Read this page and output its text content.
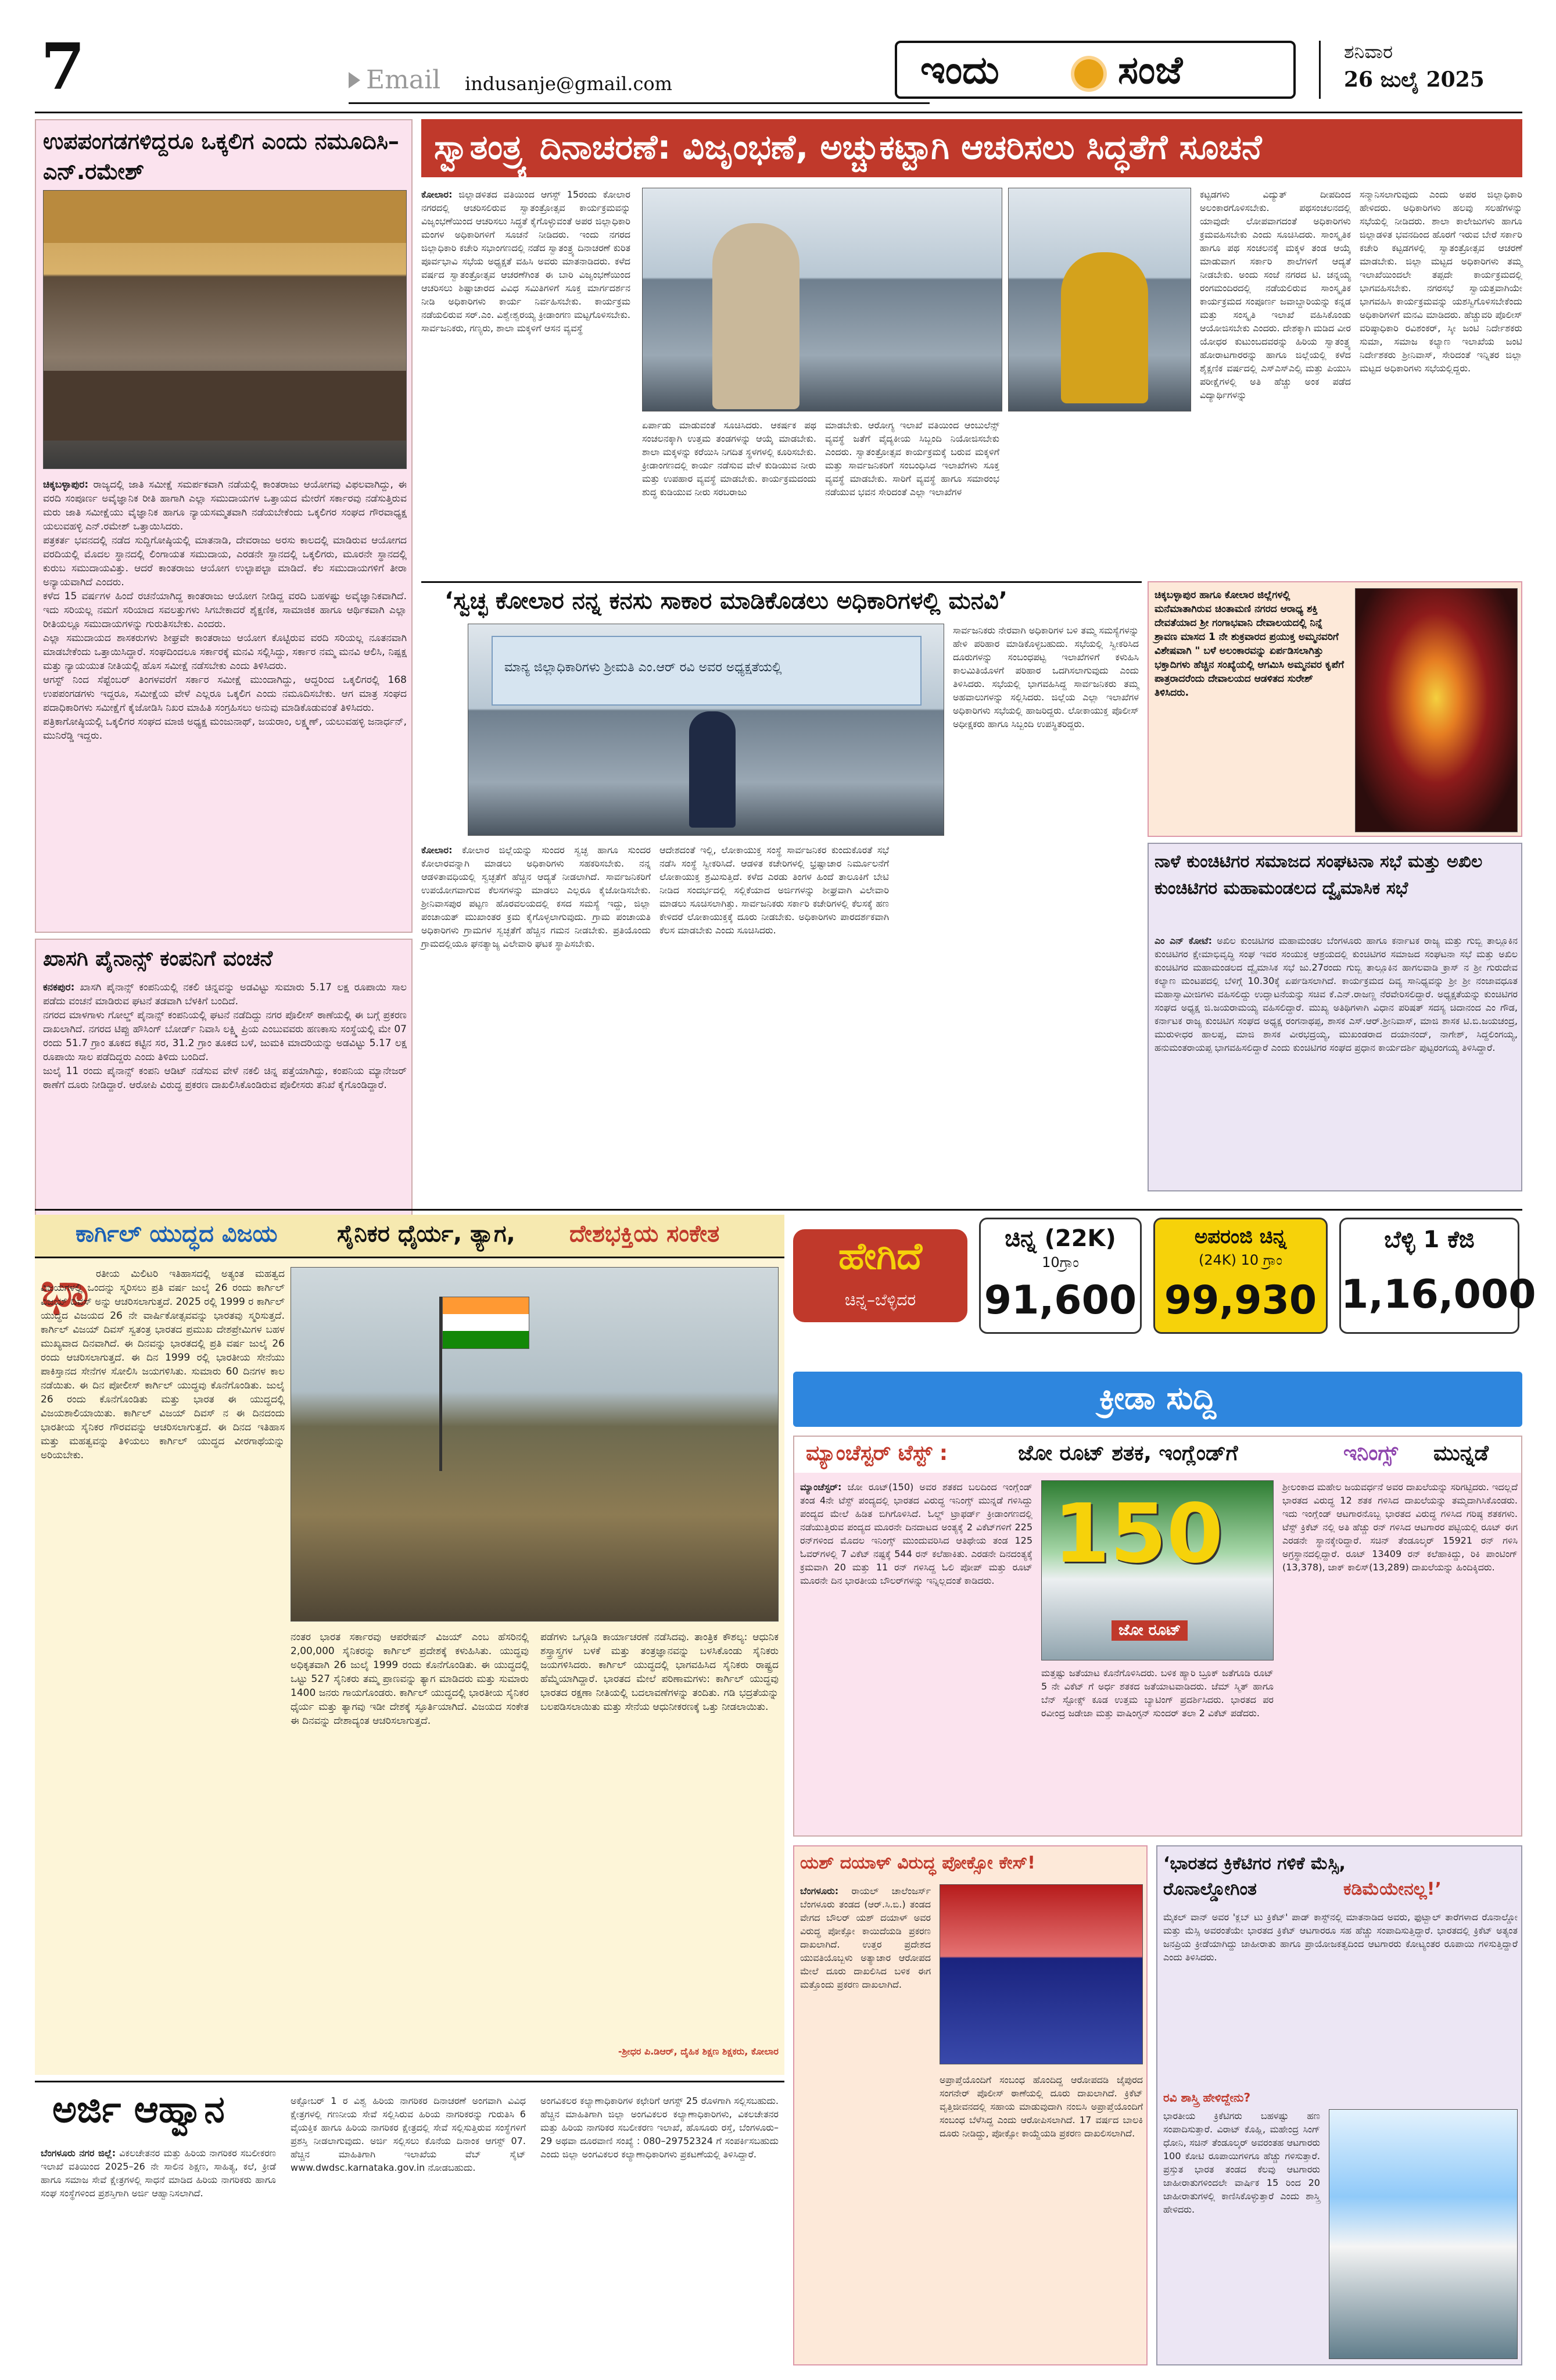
7	Email indusanje@gmail.com	ಇಂದು	ಸಂಜೆ	ಶನಿವಾರ
26 ಜುಲೈ 2025
ಉಪಪಂಗಡಗಳಿದ್ದರೂ ಒಕ್ಕಲಿಗ ಎಂದು ನಮೂದಿಸಿ– ಎನ್.ರಮೇಶ್
ಚಿಕ್ಕಬಳ್ಳಾಪುರ: ರಾಜ್ಯದಲ್ಲಿ ಜಾತಿ ಸಮೀಕ್ಷೆ ಸಮರ್ಪಕವಾಗಿ ನಡೆಯಲ್ಲಿ ಕಾಂತರಾಜು ಆಯೋಗವು ವಿಫಲವಾಗಿದ್ದು, ಈ ವರದಿ ಸಂಪೂರ್ಣ ಅವೈಜ್ಞಾನಿಕ ರೀತಿ ಹಾಗಾಗಿ ಎಲ್ಲಾ ಸಮುದಾಯಗಳ ಒತ್ತಾಯದ ಮೇರೆಗೆ ಸರ್ಕಾರವು ನಡೆಸುತ್ತಿರುವ ಮರು ಜಾತಿ ಸಮೀಕ್ಷೆಯು ವೈಜ್ಞಾನಿಕ ಹಾಗೂ ನ್ಯಾಯಸಮ್ಮತವಾಗಿ ನಡೆಯಬೇಕೆಂದು ಒಕ್ಕಲಿಗರ ಸಂಘದ ಗೌರವಾಧ್ಯಕ್ಷ ಯಲುವಹಳ್ಳಿ ಎನ್.ರಮೇಶ್ ಒತ್ತಾಯಿಸಿದರು.
ಪತ್ರಕರ್ತ ಭವನದಲ್ಲಿ ನಡೆದ ಸುದ್ದಿಗೋಷ್ಠಿಯಲ್ಲಿ ಮಾತನಾಡಿ, ದೇವರಾಜು ಅರಸು ಕಾಲದಲ್ಲಿ ಮಾಡಿರುವ ಆಯೋಗದ ವರದಿಯಲ್ಲಿ ಮೊದಲ ಸ್ಥಾನದಲ್ಲಿ ಲಿಂಗಾಯತ ಸಮುದಾಯ, ಎರಡನೇ ಸ್ಥಾನದಲ್ಲಿ ಒಕ್ಕಲಿಗರು, ಮೂರನೇ ಸ್ಥಾನದಲ್ಲಿ ಕುರುಬ ಸಮುದಾಯವಿತ್ತು. ಆದರೆ ಕಾಂತರಾಜು ಆಯೋಗ ಉಲ್ಟಾಪಲ್ಟಾ ಮಾಡಿದೆ. ಕೆಲ ಸಮುದಾಯಗಳಿಗೆ ತೀರಾ ಅನ್ಯಾಯವಾಗಿದೆ ಎಂದರು.
ಕಳೆದ 15 ವರ್ಷಗಳ ಹಿಂದೆ ರಚನೆಯಾಗಿದ್ದ ಕಾಂತರಾಜು ಆಯೋಗ ನೀಡಿದ್ದ ವರದಿ ಬಹಳಷ್ಟು ಅವೈಜ್ಞಾನಿಕವಾಗಿದೆ. ಇದು ಸರಿಯಲ್ಲ ನಮಗೆ ಸರಿಯಾದ ಸವಲತ್ತುಗಳು ಸಿಗಬೇಕಾದರೆ ಶೈಕ್ಷಣಿಕ, ಸಾಮಾಜಿಕ ಹಾಗೂ ಆರ್ಥಿಕವಾಗಿ ಎಲ್ಲಾ ರೀತಿಯಲ್ಲೂ ಸಮುದಾಯಗಳನ್ನು ಗುರುತಿಸಬೇಕು. ಎಂದರು.
ಎಲ್ಲಾ ಸಮುದಾಯದ ಶಾಸಕರುಗಳು ಶೀಘ್ರವೇ ಕಾಂತರಾಜು ಆಯೋಗ ಕೊಟ್ಟಿರುವ ವರದಿ ಸರಿಯಲ್ಲ ನೂತನವಾಗಿ ಮಾಡಬೇಕೆಂದು ಒತ್ತಾಯಿಸಿದ್ದಾರೆ. ಸಂಘದಿಂದಲೂ ಸರ್ಕಾರಕ್ಕೆ ಮನವಿ ಸಲ್ಲಿಸಿದ್ದು, ಸರ್ಕಾರ ನಮ್ಮ ಮನವಿ ಆಲಿಸಿ, ನಿಷ್ಪಕ್ಷ ಮತ್ತು ನ್ಯಾಯಯುತ ನೀತಿಯಲ್ಲಿ ಹೊಸ ಸಮೀಕ್ಷೆ ನಡೆಸಬೇಕು ಎಂದು ತಿಳಿಸಿದರು.
ಆಗಸ್ಟ್ ನಿಂದ ಸೆಪ್ಟೆಂಬರ್ ತಿಂಗಳವರೆಗೆ ಸರ್ಕಾರ ಸಮೀಕ್ಷೆ ಮುಂದಾಗಿದ್ದು, ಆದ್ದರಿಂದ ಒಕ್ಕಲಿಗರಲ್ಲಿ 168 ಉಪಪಂಗಡಗಳು ಇದ್ದರೂ, ಸಮೀಕ್ಷೆಯ ವೇಳೆ ಎಲ್ಲರೂ ಒಕ್ಕಲಿಗ ಎಂದು ನಮೂದಿಸಬೇಕು. ಆಗ ಮಾತ್ರ ಸಂಘದ ಪದಾಧಿಕಾರಿಗಳು ಸಮೀಕ್ಷೆಗೆ ಕೈಜೋಡಿಸಿ ನಿಖರ ಮಾಹಿತಿ ಸಂಗ್ರಹಿಸಲು ಅನುವು ಮಾಡಿಕೊಡುವಂತೆ ತಿಳಿಸಿದರು.
ಪತ್ರಿಕಾಗೋಷ್ಠಿಯಲ್ಲಿ ಒಕ್ಕಲಿಗರ ಸಂಘದ ಮಾಜಿ ಅಧ್ಯಕ್ಷ ಮಂಜುನಾಥ್, ಜಯರಾಂ, ಲಕ್ಷ್ಮಣ್, ಯಲುವಹಳ್ಳಿ ಜನಾರ್ಧನ್, ಮುನಿರೆಡ್ಡಿ ಇದ್ದರು.
ಖಾಸಗಿ ಪೈನಾನ್ಸ್ ಕಂಪನಿಗೆ ವಂಚನೆ
ಕನಕಪುರ: ಖಾಸಗಿ ಪೈನಾನ್ಸ್ ಕಂಪನಿಯಲ್ಲಿ ನಕಲಿ ಚಿನ್ನವನ್ನು ಅಡವಿಟ್ಟು ಸುಮಾರು 5.17 ಲಕ್ಷ ರೂಪಾಯಿ ಸಾಲ ಪಡೆದು ವಂಚನೆ ಮಾಡಿರುವ ಘಟನೆ ತಡವಾಗಿ ಬೆಳಕಿಗೆ ಬಂದಿದೆ.
ನಗರದ ಮಾಳಗಾಳು ಗೋಲ್ಡ್ ಪೈನಾನ್ಸ್ ಕಂಪನಿಯಲ್ಲಿ ಘಟನೆ ನಡೆದಿದ್ದು ನಗರ ಪೊಲೀಸ್ ಠಾಣೆಯಲ್ಲಿ ಈ ಬಗ್ಗೆ ಪ್ರಕರಣ ದಾಖಲಾಗಿದೆ. ನಗರದ ಟಿಪ್ಪು ಹೌಸಿಂಗ್ ಬೋರ್ಡ್ ನಿವಾಸಿ ಲಕ್ಷ್ಮಿ ಪ್ರಿಯ ಎಂಬುವವರು ಹಣಕಾಸು ಸಂಸ್ಥೆಯಲ್ಲಿ ಮೇ 07 ರಂದು 51.7 ಗ್ರಾಂ ತೂಕದ ಕಟ್ಟಿನ ಸರ, 31.2 ಗ್ರಾಂ ತೂಕದ ಬಳೆ, ಜುಮಕಿ ಮಾದರಿಯನ್ನು ಅಡವಿಟ್ಟು 5.17 ಲಕ್ಷ ರೂಪಾಯಿ ಸಾಲ ಪಡೆದಿದ್ದರು ಎಂದು ತಿಳಿದು ಬಂದಿದೆ.
ಜುಲೈ 11 ರಂದು ಪೈನಾನ್ಸ್ ಕಂಪನಿ ಆಡಿಟ್ ನಡೆಸುವ ವೇಳೆ ನಕಲಿ ಚಿನ್ನ ಪತ್ತೆಯಾಗಿದ್ದು, ಕಂಪನಿಯ ಮ್ಯಾನೇಜರ್ ಠಾಣೆಗೆ ದೂರು ನೀಡಿದ್ದಾರೆ. ಆರೋಪಿ ವಿರುದ್ಧ ಪ್ರಕರಣ ದಾಖಲಿಸಿಕೊಂಡಿರುವ ಪೊಲೀಸರು ತನಿಖೆ ಕೈಗೊಂಡಿದ್ದಾರೆ.
ಸ್ವಾತಂತ್ರ್ಯ ದಿನಾಚರಣೆ: ವಿಜೃಂಭಣೆ, ಅಚ್ಚುಕಟ್ಟಾಗಿ ಆಚರಿಸಲು ಸಿದ್ಧತೆಗೆ ಸೂಚನೆ
ಕೋಲಾರ: ಜಿಲ್ಲಾಡಳಿತದ ವತಿಯಿಂದ ಆಗಸ್ಟ್ 15ರಂದು ಕೋಲಾರ ನಗರದಲ್ಲಿ ಆಚರಿಸಲಿರುವ ಸ್ವಾತಂತ್ರೋತ್ಸವ ಕಾರ್ಯಕ್ರಮವನ್ನು ವಿಜೃಂಭಣೆಯಿಂದ ಆಚರಿಸಲು ಸಿದ್ಧತೆ ಕೈಗೊಳ್ಳುವಂತೆ ಅಪರ ಜಿಲ್ಲಾಧಿಕಾರಿ ಮಂಗಳ ಅಧಿಕಾರಿಗಳಿಗೆ ಸೂಚನೆ ನೀಡಿದರು. ಇಂದು ನಗರದ ಜಿಲ್ಲಾಧಿಕಾರಿ ಕಚೇರಿ ಸಭಾಂಗಣದಲ್ಲಿ ನಡೆದ ಸ್ವಾತಂತ್ರ್ಯ ದಿನಾಚರಣೆ ಕುರಿತ ಪೂರ್ವಭಾವಿ ಸಭೆಯ ಅಧ್ಯಕ್ಷತೆ ವಹಿಸಿ ಅವರು ಮಾತನಾಡಿದರು. ಕಳೆದ ವರ್ಷದ ಸ್ವಾತಂತ್ರೋತ್ಸವ ಆಚರಣೆಗಿಂತ ಈ ಬಾರಿ ವಿಜೃಂಭಣೆಯಿಂದ ಆಚರಿಸಲು ಶಿಷ್ಟಾಚಾರದ ವಿವಿಧ ಸಮಿತಿಗಳಿಗೆ ಸೂಕ್ತ ಮಾರ್ಗದರ್ಶನ ನೀಡಿ ಅಧಿಕಾರಿಗಳು ಕಾರ್ಯ ನಿರ್ವಹಿಸಬೇಕು. ಕಾರ್ಯಕ್ರಮ ನಡೆಯಲಿರುವ ಸರ್.ಎಂ. ವಿಶ್ವೇಶ್ವರಯ್ಯ ಕ್ರೀಡಾಂಗಣ ಮಟ್ಟಗೊಳಿಸಬೇಕು. ಸಾರ್ವಜನಿಕರು, ಗಣ್ಯರು, ಶಾಲಾ ಮಕ್ಕಳಿಗೆ ಆಸನ ವ್ಯವಸ್ಥೆ
ಏರ್ಪಾಡು ಮಾಡುವಂತೆ ಸೂಚಿಸಿದರು. ಆಕರ್ಷಕ ಪಥ ಸಂಚಲನಕ್ಕಾಗಿ ಉತ್ತಮ ತಂಡಗಳನ್ನು ಆಯ್ಕೆ ಮಾಡಬೇಕು. ಶಾಲಾ ಮಕ್ಕಳನ್ನು ಕರೆಯಿಸಿ ನಿಗದಿತ ಸ್ಥಳಗಳಲ್ಲಿ ಕೂರಿಸಬೇಕು. ಕ್ರೀಡಾಂಗಣದಲ್ಲಿ ಕಾರ್ಯ ನಡೆಸುವ ವೇಳೆ ಕುಡಿಯುವ ನೀರು ಮತ್ತು ಉಪಹಾರ ವ್ಯವಸ್ಥೆ ಮಾಡಬೇಕು. ಕಾರ್ಯಕ್ರಮದಂದು ಶುದ್ಧ ಕುಡಿಯುವ ನೀರು ಸರಬರಾಜು
ಮಾಡಬೇಕು. ಆರೋಗ್ಯ ಇಲಾಖೆ ವತಿಯಿಂದ ಆಂಬುಲೆನ್ಸ್ ವ್ಯವಸ್ಥೆ ಜತೆಗೆ ವೈದ್ಯಕೀಯ ಸಿಬ್ಬಂದಿ ನಿಯೋಜಿಸಬೇಕು ಎಂದರು. ಸ್ವಾತಂತ್ರೋತ್ಸವ ಕಾರ್ಯಕ್ರಮಕ್ಕೆ ಬರುವ ಮಕ್ಕಳಿಗೆ ಮತ್ತು ಸಾರ್ವಜನಿಕರಿಗೆ ಸಂಬಂಧಿಸಿದ ಇಲಾಖೆಗಳು ಸೂಕ್ತ ವ್ಯವಸ್ಥೆ ಮಾಡಬೇಕು. ಸಾರಿಗೆ ವ್ಯವಸ್ಥೆ ಹಾಗೂ ಸಮಾರಂಭ ನಡೆಯುವ ಭವನ ಸೇರಿದಂತೆ ಎಲ್ಲಾ ಇಲಾಖೆಗಳ
ಕಟ್ಟಡಗಳು ವಿದ್ಯುತ್ ದೀಪದಿಂದ ಅಲಂಕಾರಗೊಳಿಸಬೇಕು. ಪಥಸಂಚಲನದಲ್ಲಿ ಯಾವುದೇ ಲೋಪವಾಗದಂತೆ ಅಧಿಕಾರಿಗಳು ಕ್ರಮವಹಿಸಬೇಕು ಎಂದು ಸೂಚಿಸಿದರು. ಸಾಂಸ್ಕೃತಿಕ ಹಾಗೂ ಪಥ ಸಂಚಲನಕ್ಕೆ ಮಕ್ಕಳ ತಂಡ ಆಯ್ಕೆ ಮಾಡುವಾಗ ಸರ್ಕಾರಿ ಶಾಲೆಗಳಿಗೆ ಆದ್ಯತೆ ನೀಡಬೇಕು. ಅಂದು ಸಂಜೆ ನಗರದ ಟಿ. ಚನ್ನಯ್ಯ ರಂಗಮಂದಿರದಲ್ಲಿ ನಡೆಯಲಿರುವ ಸಾಂಸ್ಕೃತಿಕ ಕಾರ್ಯಕ್ರಮದ ಸಂಪೂರ್ಣ ಜವಾಬ್ದಾರಿಯನ್ನು ಕನ್ನಡ ಮತ್ತು ಸಂಸ್ಕೃತಿ ಇಲಾಖೆ ವಹಿಸಿಕೊಂಡು ಆಯೋಜಿಸಬೇಕು ಎಂದರು. ದೇಶಕ್ಕಾಗಿ ಮಡಿದ ವೀರ ಯೋಧರ ಕುಟುಂಬದವರನ್ನು ಹಿರಿಯ ಸ್ವಾತಂತ್ರ್ಯ ಹೋರಾಟಗಾರರನ್ನು ಹಾಗೂ ಜಿಲ್ಲೆಯಲ್ಲಿ ಕಳೆದ ಶೈಕ್ಷಣಿಕ ವರ್ಷದಲ್ಲಿ ಎಸ್ಎಸ್ಎಲ್ಸಿ ಮತ್ತು ಪಿಯುಸಿ ಪರೀಕ್ಷೆಗಳಲ್ಲಿ ಅತಿ ಹೆಚ್ಚು ಅಂಕ ಪಡೆದ ವಿದ್ಯಾರ್ಥಿಗಳನ್ನು
ಸನ್ಮಾನಿಸಲಾಗುವುದು ಎಂದು ಅಪರ ಜಿಲ್ಲಾಧಿಕಾರಿ ಹೇಳಿದರು. ಅಧಿಕಾರಿಗಳು ಹಲವು ಸಲಹೆಗಳನ್ನು ಸಭೆಯಲ್ಲಿ ನೀಡಿದರು. ಶಾಲಾ ಕಾಲೇಜುಗಳು ಹಾಗೂ ಜಿಲ್ಲಾಡಳಿತ ಭವನದಿಂದ ಹೊರಗೆ ಇರುವ ಬೇರೆ ಸರ್ಕಾರಿ ಕಚೇರಿ ಕಟ್ಟಡಗಳಲ್ಲಿ ಸ್ವಾತಂತ್ರೋತ್ಸವ ಆಚರಣೆ ಮಾಡಬೇಕು. ಜಿಲ್ಲಾ ಮಟ್ಟದ ಅಧಿಕಾರಿಗಳು ತಮ್ಮ ಇಲಾಖೆಯಿಂದಲೇ ತಪ್ಪದೇ ಕಾರ್ಯಕ್ರಮದಲ್ಲಿ ಭಾಗವಹಿಸಬೇಕು. ನಗರಸಭೆ ಸ್ವಾಯತ್ತವಾಗಿಯೇ ಭಾಗವಹಿಸಿ ಕಾರ್ಯಕ್ರಮವನ್ನು ಯಶಸ್ವಿಗೊಳಿಸಬೇಕೆಂದು ಅಧಿಕಾರಿಗಳಿಗೆ ಮನವಿ ಮಾಡಿದರು. ಹೆಚ್ಚುವರಿ ಪೊಲೀಸ್ ವರಿಷ್ಠಾಧಿಕಾರಿ ರವಿಶಂಕರ್, ಸ್ಕೀ ಜಂಟಿ ನಿರ್ದೇಶಕರು ಸುಮಾ, ಸಮಾಜ ಕಲ್ಯಾಣ ಇಲಾಖೆಯ ಜಂಟಿ ನಿರ್ದೇಶಕರು ಶ್ರೀನಿವಾಸ್, ಸೇರಿದಂತೆ ಇನ್ನಿತರ ಜಿಲ್ಲಾ ಮಟ್ಟದ ಅಧಿಕಾರಿಗಳು ಸಭೆಯಲ್ಲಿದ್ದರು.
‘ಸ್ವಚ್ಛ ಕೋಲಾರ ನನ್ನ ಕನಸು ಸಾಕಾರ ಮಾಡಿಕೊಡಲು ಅಧಿಕಾರಿಗಳಲ್ಲಿ ಮನವಿ’
ಮಾನ್ಯ ಜಿಲ್ಲಾಧಿಕಾರಿಗಳು ಶ್ರೀಮತಿ ಎಂ.ಆರ್ ರವಿ ಅವರ ಅಧ್ಯಕ್ಷತೆಯಲ್ಲಿ
ಕೋಲಾರ: ಕೋಲಾರ ಜಿಲ್ಲೆಯನ್ನು ಸುಂದರ ಸ್ವಚ್ಛ ಹಾಗೂ ಸುಂದರ ಕೋಲಾರವನ್ನಾಗಿ ಮಾಡಲು ಅಧಿಕಾರಿಗಳು ಸಹಕರಿಸಬೇಕು. ನನ್ನ ಆಡಳಿತಾವಧಿಯಲ್ಲಿ ಸ್ವಚ್ಛತೆಗೆ ಹೆಚ್ಚಿನ ಆದ್ಯತೆ ನೀಡಲಾಗಿದೆ. ಸಾರ್ವಜನಿಕರಿಗೆ ಉಪಯೋಗವಾಗುವ ಕೆಲಸಗಳನ್ನು ಮಾಡಲು ಎಲ್ಲರೂ ಕೈಜೋಡಿಸಬೇಕು. ಶ್ರೀನಿವಾಸಪುರ ಪಟ್ಟಣ ಹೊರವಲಯದಲ್ಲಿ ಕಸದ ಸಮಸ್ಯೆ ಇದ್ದು, ಜಿಲ್ಲಾ ಪಂಚಾಯತ್ ಮುಖಾಂತರ ಕ್ರಮ ಕೈಗೊಳ್ಳಲಾಗುವುದು. ಗ್ರಾಮ ಪಂಚಾಯತಿ ಅಧಿಕಾರಿಗಳು ಗ್ರಾಮಗಳ ಸ್ವಚ್ಛತೆಗೆ ಹೆಚ್ಚಿನ ಗಮನ ನೀಡಬೇಕು. ಪ್ರತಿಯೊಂದು ಗ್ರಾಮದಲ್ಲಿಯೂ ಘನತ್ಯಾಜ್ಯ ವಿಲೇವಾರಿ ಘಟಕ ಸ್ಥಾಪಿಸಬೇಕು.
ಆದೇಶದಂತೆ ಇಲ್ಲಿ, ಲೋಕಾಯುಕ್ತ ಸಂಸ್ಥೆ ಸಾರ್ವಜನಿಕರ ಕುಂದುಕೊರತೆ ಸಭೆ ನಡೆಸಿ ಸಂಸ್ಥೆ ಸ್ವೀಕರಿಸಿದೆ. ಆಡಳಿತ ಕಚೇರಿಗಳಲ್ಲಿ ಭ್ರಷ್ಟಾಚಾರ ನಿರ್ಮೂಲನೆಗೆ ಲೋಕಾಯುಕ್ತ ಶ್ರಮಿಸುತ್ತಿದೆ. ಕಳೆದ ಎರಡು ತಿಂಗಳ ಹಿಂದೆ ತಾಲೂಕಿಗೆ ಬೇಟಿ ನೀಡಿದ ಸಂದರ್ಭದಲ್ಲಿ ಸಲ್ಲಿಕೆಯಾದ ಅರ್ಜಿಗಳನ್ನು ಶೀಘ್ರವಾಗಿ ವಿಲೇವಾರಿ ಮಾಡಲು ಸೂಚಿಸಲಾಗಿತ್ತು. ಸಾರ್ವಜನಿಕರು ಸರ್ಕಾರಿ ಕಚೇರಿಗಳಲ್ಲಿ ಕೆಲಸಕ್ಕೆ ಹಣ ಕೇಳಿದರೆ ಲೋಕಾಯುಕ್ತಕ್ಕೆ ದೂರು ನೀಡಬೇಕು. ಅಧಿಕಾರಿಗಳು ಪಾರದರ್ಶಕವಾಗಿ ಕೆಲಸ ಮಾಡಬೇಕು ಎಂದು ಸೂಚಿಸಿದರು.
ಸಾರ್ವಜನಿಕರು ನೇರವಾಗಿ ಅಧಿಕಾರಿಗಳ ಬಳಿ ತಮ್ಮ ಸಮಸ್ಯೆಗಳನ್ನು ಹೇಳಿ ಪರಿಹಾರ ಮಾಡಿಕೊಳ್ಳಬಹುದು. ಸಭೆಯಲ್ಲಿ ಸ್ವೀಕರಿಸಿದ ದೂರುಗಳನ್ನು ಸಂಬಂಧಪಟ್ಟ ಇಲಾಖೆಗಳಿಗೆ ಕಳುಹಿಸಿ ಕಾಲಮಿತಿಯೊಳಗೆ ಪರಿಹಾರ ಒದಗಿಸಲಾಗುವುದು ಎಂದು ತಿಳಿಸಿದರು. ಸಭೆಯಲ್ಲಿ ಭಾಗವಹಿಸಿದ್ದ ಸಾರ್ವಜನಿಕರು ತಮ್ಮ ಅಹವಾಲುಗಳನ್ನು ಸಲ್ಲಿಸಿದರು. ಜಿಲ್ಲೆಯ ಎಲ್ಲಾ ಇಲಾಖೆಗಳ ಅಧಿಕಾರಿಗಳು ಸಭೆಯಲ್ಲಿ ಹಾಜರಿದ್ದರು. ಲೋಕಾಯುಕ್ತ ಪೊಲೀಸ್ ಅಧೀಕ್ಷಕರು ಹಾಗೂ ಸಿಬ್ಬಂದಿ ಉಪಸ್ಥಿತರಿದ್ದರು.
ಚಿಕ್ಕಬಳ್ಳಾಪುರ ಹಾಗೂ ಕೋಲಾರ ಜಿಲ್ಲೆಗಳಲ್ಲಿ ಮನೆಮಾತಾಗಿರುವ ಚಿಂತಾಮಣಿ ನಗರದ ಆರಾಧ್ಯ ಶಕ್ತಿ ದೇವತೆಯಾದ ಶ್ರೀ ಗಂಗಾಭವಾನಿ ದೇವಾಲಯದಲ್ಲಿ ನಿನ್ನೆ ಶ್ರಾವಣ ಮಾಸದ 1 ನೇ ಶುಕ್ರವಾರದ ಪ್ರಯುಕ್ತ ಅಮ್ಮನವರಿಗೆ ವಿಶೇಷವಾಗಿ " ಬಳೆ ಅಲಂಕಾರವನ್ನು ಏರ್ಪಡಿಸಲಾಗಿತ್ತು ಭಕ್ತಾದಿಗಳು ಹೆಚ್ಚಿನ ಸಂಖ್ಯೆಯಲ್ಲಿ ಆಗಮಿಸಿ ಅಮ್ಮನವರ ಕೃಪೆಗೆ ಪಾತ್ರರಾದರೆಂದು ದೇವಾಲಯದ ಆಡಳಿತದ ಸುರೇಶ್ ತಿಳಿಸಿದರು.
ನಾಳೆ ಕುಂಚಿಟಿಗರ ಸಮಾಜದ ಸಂಘಟನಾ ಸಭೆ ಮತ್ತು ಅಖಿಲ ಕುಂಚಿಟಿಗರ ಮಹಾಮಂಡಲದ ದ್ವೈಮಾಸಿಕ ಸಭೆ
ಎಂ ಎನ್ ಕೋಟೆ: ಅಖಿಲ ಕುಂಚಿಟಿಗರ ಮಹಾಮಂಡಲ ಬೆಂಗಳೂರು ಹಾಗೂ ಕರ್ನಾಟಕ ರಾಜ್ಯ ಮತ್ತು ಗುಬ್ಬಿ ತಾಲ್ಲೂಕಿನ ಕುಂಚಿಟಿಗರ ಕ್ಷೇಮಾಭಿವೃದ್ಧಿ ಸಂಘ ಇವರ ಸಂಯುಕ್ತ ಆಶ್ರಯದಲ್ಲಿ ಕುಂಚಿಟಿಗರ ಸಮಾಜದ ಸಂಘಟನಾ ಸಭೆ ಮತ್ತು ಅಖಿಲ ಕುಂಚಿಟಿಗರ ಮಹಾಮಂಡಲದ ದ್ವೈಮಾಸಿಕ ಸಭೆ ಜು.27ರಂದು ಗುಬ್ಬಿ ತಾಲ್ಲೂಕಿನ ಹಾಗಲವಾಡಿ ಕ್ರಾಸ್ ನ ಶ್ರೀ ಗುರುದೇವ ಕಲ್ಯಾಣ ಮಂಟಪದಲ್ಲಿ ಬೆಳಿಗ್ಗೆ 10.30ಕ್ಕೆ ಏರ್ಪಡಿಸಲಾಗಿದೆ. ಕಾರ್ಯಕ್ರಮದ ದಿವ್ಯ ಸಾನಿಧ್ಯವನ್ನು ಶ್ರೀ ಶ್ರೀ ನಂಜಾವಧೂತ ಮಹಾಸ್ವಾಮೀಜಿಗಳು ವಹಿಸಲಿದ್ದು ಉದ್ಘಾಟನೆಯನ್ನು ಸಚಿವ ಕೆ.ಎನ್.ರಾಜಣ್ಣ ನೆರವೇರಿಸಲಿದ್ದಾರೆ. ಅಧ್ಯಕ್ಷತೆಯನ್ನು ಕುಂಚಿಟಿಗರ ಸಂಘದ ಅಧ್ಯಕ್ಷ ಜಿ.ಜಯರಾಮಯ್ಯ ವಹಿಸಲಿದ್ದಾರೆ. ಮುಖ್ಯ ಅತಿಥಿಗಳಾಗಿ ವಿಧಾನ ಪರಿಷತ್ ಸದಸ್ಯ ಚಿದಾನಂದ ಎಂ ಗೌಡ, ಕರ್ನಾಟಕ ರಾಜ್ಯ ಕುಂಚಿಟಿಗ ಸಂಘದ ಅಧ್ಯಕ್ಷ ರಂಗನಾಥಪ್ಪ, ಶಾಸಕ ಎಸ್.ಆರ್.ಶ್ರೀನಿವಾಸ್, ಮಾಜಿ ಶಾಸಕ ಟಿ.ಬಿ.ಜಯಚಂದ್ರ, ಮುರುಳೀಧರ ಹಾಲಪ್ಪ, ಮಾಜಿ ಶಾಸಕ ವೀರಭದ್ರಯ್ಯ, ಮುಖಂಡರಾದ ದಯಾನಂದ್, ನಾಗೇಶ್, ಸಿದ್ದಲಿಂಗಯ್ಯ, ಹನುಮಂತರಾಯಪ್ಪ ಭಾಗವಹಿಸಲಿದ್ದಾರೆ ಎಂದು ಕುಂಚಿಟಿಗರ ಸಂಘದ ಪ್ರಧಾನ ಕಾರ್ಯದರ್ಶಿ ಪುಟ್ಟರಂಗಯ್ಯ ತಿಳಿಸಿದ್ದಾರೆ.
ಕಾರ್ಗಿಲ್ ಯುದ್ಧದ ವಿಜಯ	ಸೈನಿಕರ ಧೈರ್ಯ, ತ್ಯಾಗ, ದೇಶಭಕ್ತಿಯ ಸಂಕೇತ
ಭಾ ರತೀಯ ಮಿಲಿಟರಿ ಇತಿಹಾಸದಲ್ಲಿ ಅತ್ಯಂತ ಮಹತ್ವದ ವಿಜಯಗಳಲ್ಲಿ ಒಂದನ್ನು ಸ್ಮರಿಸಲು ಪ್ರತಿ ವರ್ಷ ಜುಲೈ 26 ರಂದು ಕಾರ್ಗಿಲ್ ವಿಜಯ್ ದಿವಸ್ ಅನ್ನು ಆಚರಿಸಲಾಗುತ್ತದೆ. 2025 ರಲ್ಲಿ 1999 ರ ಕಾರ್ಗಿಲ್ ಯುದ್ಧದ ವಿಜಯದ 26 ನೇ ವಾರ್ಷಿಕೋತ್ಸವವನ್ನು ಭಾರತವು ಸ್ಮರಿಸುತ್ತದೆ. ಕಾರ್ಗಿಲ್ ವಿಜಯ್ ದಿವಸ್ ಸ್ವತಂತ್ರ ಭಾರತದ ಪ್ರಮುಖ ದೇಶಪ್ರೇಮಿಗಳ ಬಹಳ ಮುಖ್ಯವಾದ ದಿನವಾಗಿದೆ. ಈ ದಿನವನ್ನು ಭಾರತದಲ್ಲಿ ಪ್ರತಿ ವರ್ಷ ಜುಲೈ 26 ರಂದು ಆಚರಿಸಲಾಗುತ್ತದೆ. ಈ ದಿನ 1999 ರಲ್ಲಿ ಭಾರತೀಯ ಸೇನೆಯು ಪಾಕಿಸ್ತಾನದ ಸೇನೆಗಳ ಸೋಲಿಸಿ ಜಯಗಳಿಸಿತು. ಸುಮಾರು 60 ದಿನಗಳ ಕಾಲ ನಡೆಯಿತು. ಈ ದಿನ ಪೋಲೀಸ್ ಕಾರ್ಗಿಲ್ ಯುದ್ಧವು ಕೊನೆಗೊಂಡಿತು. ಜುಲೈ 26 ರಂದು ಕೊನೆಗೊಂಡಿತು ಮತ್ತು ಭಾರತ ಈ ಯುದ್ಧದಲ್ಲಿ ವಿಜಯಶಾಲಿಯಾಯಿತು. ಕಾರ್ಗಿಲ್ ವಿಜಯ್ ದಿವಸ್ ನ ಈ ದಿನದಂದು ಭಾರತೀಯ ಸೈನಿಕರ ಗೌರವವನ್ನು ಆಚರಿಸಲಾಗುತ್ತದೆ. ಈ ದಿನದ ಇತಿಹಾಸ ಮತ್ತು ಮಹತ್ವವನ್ನು ತಿಳಿಯಲು ಕಾರ್ಗಿಲ್ ಯುದ್ಧದ ವೀರಗಾಥೆಯನ್ನು ಅರಿಯಬೇಕು.
ನಂತರ ಭಾರತ ಸರ್ಕಾರವು ಆಪರೇಷನ್ ವಿಜಯ್ ಎಂಬ ಹೆಸರಿನಲ್ಲಿ 2,00,000 ಸೈನಿಕರನ್ನು ಕಾರ್ಗಿಲ್ ಪ್ರದೇಶಕ್ಕೆ ಕಳುಹಿಸಿತು. ಯುದ್ಧವು ಅಧಿಕೃತವಾಗಿ 26 ಜುಲೈ 1999 ರಂದು ಕೊನೆಗೊಂಡಿತು. ಈ ಯುದ್ಧದಲ್ಲಿ ಒಟ್ಟು 527 ಸೈನಿಕರು ತಮ್ಮ ಪ್ರಾಣವನ್ನು ತ್ಯಾಗ ಮಾಡಿದರು ಮತ್ತು ಸುಮಾರು 1400 ಜನರು ಗಾಯಗೊಂಡರು. ಕಾರ್ಗಿಲ್ ಯುದ್ಧದಲ್ಲಿ ಭಾರತೀಯ ಸೈನಿಕರ ಧೈರ್ಯ ಮತ್ತು ತ್ಯಾಗವು ಇಡೀ ದೇಶಕ್ಕೆ ಸ್ಫೂರ್ತಿಯಾಗಿದೆ. ವಿಜಯದ ಸಂಕೇತ ಈ ದಿನವನ್ನು ದೇಶಾದ್ಯಂತ ಆಚರಿಸಲಾಗುತ್ತದೆ.
ಪಡೆಗಳು ಒಗ್ಗೂಡಿ ಕಾರ್ಯಾಚರಣೆ ನಡೆಸಿದವು. ತಾಂತ್ರಿಕ ಕೌಶಲ್ಯ: ಆಧುನಿಕ ಶಸ್ತ್ರಾಸ್ತ್ರಗಳ ಬಳಕೆ ಮತ್ತು ತಂತ್ರಜ್ಞಾನವನ್ನು ಬಳಸಿಕೊಂಡು ಸೈನಿಕರು ಜಯಗಳಿಸಿದರು. ಕಾರ್ಗಿಲ್ ಯುದ್ಧದಲ್ಲಿ ಭಾಗವಹಿಸಿದ ಸೈನಿಕರು ರಾಷ್ಟ್ರದ ಹೆಮ್ಮೆಯಾಗಿದ್ದಾರೆ. ಭಾರತದ ಮೇಲೆ ಪರಿಣಾಮಗಳು: ಕಾರ್ಗಿಲ್ ಯುದ್ಧವು ಭಾರತದ ರಕ್ಷಣಾ ನೀತಿಯಲ್ಲಿ ಬದಲಾವಣೆಗಳನ್ನು ತಂದಿತು. ಗಡಿ ಭದ್ರತೆಯನ್ನು ಬಲಪಡಿಸಲಾಯಿತು ಮತ್ತು ಸೇನೆಯ ಆಧುನೀಕರಣಕ್ಕೆ ಒತ್ತು ನೀಡಲಾಯಿತು.
-ಶ್ರೀಧರ ಪಿ.ಡಿಆರ್, ದೈಹಿಕ ಶಿಕ್ಷಣ ಶಿಕ್ಷಕರು, ಕೋಲಾರ
ಅರ್ಜಿ ಆಹ್ವಾನ
ಬೆಂಗಳೂರು ನಗರ ಜಿಲ್ಲೆ: ವಿಕಲಚೇತನರ ಮತ್ತು ಹಿರಿಯ ನಾಗರಿಕರ ಸಬಲೀಕರಣ ಇಲಾಖೆ ವತಿಯಿಂದ 2025–26 ನೇ ಸಾಲಿನ ಶಿಕ್ಷಣ, ಸಾಹಿತ್ಯ, ಕಲೆ, ಕ್ರೀಡೆ ಹಾಗೂ ಸಮಾಜ ಸೇವೆ ಕ್ಷೇತ್ರಗಳಲ್ಲಿ ಸಾಧನೆ ಮಾಡಿದ ಹಿರಿಯ ನಾಗರಿಕರು ಹಾಗೂ ಸಂಘ ಸಂಸ್ಥೆಗಳಿಂದ ಪ್ರಶಸ್ತಿಗಾಗಿ ಅರ್ಜಿ ಆಹ್ವಾನಿಸಲಾಗಿದೆ.
ಅಕ್ಟೋಬರ್ 1 ರ ವಿಶ್ವ ಹಿರಿಯ ನಾಗರಿಕರ ದಿನಾಚರಣೆ ಅಂಗವಾಗಿ ವಿವಿಧ ಕ್ಷೇತ್ರಗಳಲ್ಲಿ ಗಣನೀಯ ಸೇವೆ ಸಲ್ಲಿಸಿರುವ ಹಿರಿಯ ನಾಗರಿಕರನ್ನು ಗುರುತಿಸಿ 6 ವೈಯಕ್ತಿಕ ಹಾಗೂ ಹಿರಿಯ ನಾಗರಿಕರ ಕ್ಷೇತ್ರದಲ್ಲಿ ಸೇವೆ ಸಲ್ಲಿಸುತ್ತಿರುವ ಸಂಸ್ಥೆಗಳಿಗೆ ಪ್ರಶಸ್ತಿ ನೀಡಲಾಗುವುದು. ಅರ್ಜಿ ಸಲ್ಲಿಸಲು ಕೊನೆಯ ದಿನಾಂಕ ಆಗಸ್ಟ್ 07. ಹೆಚ್ಚಿನ ಮಾಹಿತಿಗಾಗಿ ಇಲಾಖೆಯ ವೆಬ್ ಸೈಟ್ www.dwdsc.karnataka.gov.in ನೋಡಬಹುದು.
ಅಂಗವಿಕಲರ ಕಲ್ಯಾಣಾಧಿಕಾರಿಗಳ ಕಛೇರಿಗೆ ಆಗಸ್ಟ್ 25 ರೊಳಗಾಗಿ ಸಲ್ಲಿಸಬಹುದು. ಹೆಚ್ಚಿನ ಮಾಹಿತಿಗಾಗಿ ಜಿಲ್ಲಾ ಅಂಗವಿಕಲರ ಕಲ್ಯಾಣಾಧಿಕಾರಿಗಳು, ವಿಕಲಚೇತನರ ಮತ್ತು ಹಿರಿಯ ನಾಗರಿಕರ ಸಬಲೀಕರಣ ಇಲಾಖೆ, ಹೊಸೂರು ರಸ್ತೆ, ಬೆಂಗಳೂರು–29 ಅಥವಾ ದೂರವಾಣಿ ಸಂಖ್ಯೆ : 080–29752324 ಗೆ ಸಂಪರ್ಕಿಸಬಹುದು ಎಂದು ಜಿಲ್ಲಾ ಅಂಗವಿಕಲರ ಕಲ್ಯಾಣಾಧಿಕಾರಿಗಳು ಪ್ರಕಟಣೆಯಲ್ಲಿ ತಿಳಿಸಿದ್ದಾರೆ.
ಹೇಗಿದೆ
ಚಿನ್ನ–ಬೆಳ್ಳಿದರ
ಚಿನ್ನ (22K)
10ಗ್ರಾಂ
91,600
ಅಪರಂಜಿ ಚಿನ್ನ
(24K) 10 ಗ್ರಾಂ
99,930
ಬೆಳ್ಳಿ 1 ಕೆಜಿ
1,16,000
ಕ್ರೀಡಾ ಸುದ್ದಿ
ಮ್ಯಾಂಚೆಸ್ಟರ್ ಟೆಸ್ಟ್ :	ಜೋ ರೂಟ್ ಶತಕ, ಇಂಗ್ಲೆಂಡ್‌ಗೆ	ಇನಿಂಗ್ಸ್ ಮುನ್ನಡೆ
ಮ್ಯಾಂಚೆಸ್ಟರ್: ಜೋ ರೂಟ್(150) ಅವರ ಶತಕದ ಬಲದಿಂದ ಇಂಗ್ಲೆಂಡ್ ತಂಡ 4ನೇ ಟೆಸ್ಟ್ ಪಂದ್ಯದಲ್ಲಿ ಭಾರತದ ವಿರುದ್ಧ ಇನಿಂಗ್ಸ್ ಮುನ್ನಡೆ ಗಳಿಸಿದ್ದು ಪಂದ್ಯದ ಮೇಲೆ ಹಿಡಿತ ಬಿಗಿಗೊಳಿಸಿದೆ. ಓಲ್ಡ್ ಟ್ರಾಫರ್ಡ್ ಕ್ರೀಡಾಂಗಣದಲ್ಲಿ ನಡೆಯುತ್ತಿರುವ ಪಂದ್ಯದ ಮೂರನೇ ದಿನದಾಟದ ಅಂತ್ಯಕ್ಕೆ 2 ವಿಕೆಟ್‌ಗಳಿಗೆ 225 ರನ್‌ಗಳಿಂದ ಮೊದಲ ಇನಿಂಗ್ಸ್ ಮುಂದುವರಿಸಿದ ಆತಿಥೇಯ ತಂಡ 125 ಓವರ್‌ಗಳಲ್ಲಿ 7 ವಿಕೆಟ್ ನಷ್ಟಕ್ಕೆ 544 ರನ್ ಕಲೆಹಾಕಿತು. ಎರಡನೇ ದಿನದಂತ್ಯಕ್ಕೆ ಕ್ರಮವಾಗಿ 20 ಮತ್ತು 11 ರನ್ ಗಳಿಸಿದ್ದ ಓಲಿ ಪೋಪ್ ಮತ್ತು ರೂಟ್ ಮೂರನೇ ದಿನ ಭಾರತೀಯ ಬೌಲರ್‌ಗಳನ್ನು ಇನ್ನಿಲ್ಲದಂತೆ ಕಾಡಿದರು. 150
ಜೋ ರೂಟ್
ಮತ್ತಷ್ಟು ಜತೆಯಾಟ ಕೊನೆಗೊಳಿಸಿದರು. ಬಳಿಕ ಹ್ಯಾರಿ ಬ್ರೂಕ್ ಜತೆಗೂಡಿ ರೂಟ್ 5 ನೇ ವಿಕೆಟ್ ಗೆ ಅರ್ಧ ಶತಕದ ಜತೆಯಾಟವಾಡಿದರು. ಜೆಮ್ ಸ್ಮಿತ್ ಹಾಗೂ ಬೆನ್ ಸ್ಟೋಕ್ಸ್ ಕೂಡ ಉತ್ತಮ ಬ್ಯಾಟಿಂಗ್ ಪ್ರದರ್ಶಿಸಿದರು. ಭಾರತದ ಪರ ರವೀಂದ್ರ ಜಡೇಜಾ ಮತ್ತು ವಾಷಿಂಗ್ಟನ್ ಸುಂದರ್ ತಲಾ 2 ವಿಕೆಟ್ ಪಡೆದರು.
ಶ್ರೀಲಂಕಾದ ಮಹೇಲ ಜಯವರ್ಧನೆ ಅವರ ದಾಖಲೆಯನ್ನು ಸರಿಗಟ್ಟಿದರು. ಇದಲ್ಲದೆ ಭಾರತದ ವಿರುದ್ಧ 12 ಶತಕ ಗಳಿಸಿದ ದಾಖಲೆಯನ್ನು ತಮ್ಮದಾಗಿಸಿಕೊಂಡರು. ಇದು ಇಂಗ್ಲೆಂಡ್ ಆಟಗಾರನೊಬ್ಬ ಭಾರತದ ವಿರುದ್ಧ ಗಳಿಸಿದ ಗರಿಷ್ಠ ಶತಕಗಳು. ಟೆಸ್ಟ್ ಕ್ರಿಕೆಟ್ ನಲ್ಲಿ ಅತಿ ಹೆಚ್ಚು ರನ್ ಗಳಿಸಿದ ಆಟಗಾರರ ಪಟ್ಟಿಯಲ್ಲಿ ರೂಟ್ ಈಗ ಎರಡನೇ ಸ್ಥಾನಕ್ಕೇರಿದ್ದಾರೆ. ಸಚಿನ್ ತೆಂಡೂಲ್ಕರ್ 15921 ರನ್ ಗಳಿಸಿ ಅಗ್ರಸ್ಥಾನದಲ್ಲಿದ್ದಾರೆ. ರೂಟ್ 13409 ರನ್ ಕಲೆಹಾಕಿದ್ದು, ರಿಕಿ ಪಾಂಟಿಂಗ್ (13,378), ಜಾಕ್ ಕಾಲಿಸ್(13,289) ದಾಖಲೆಯನ್ನು ಹಿಂದಿಕ್ಕಿದರು.
ಯಶ್ ದಯಾಳ್ ವಿರುದ್ಧ ಪೋಕ್ಸೋ ಕೇಸ್!
ಬೆಂಗಳೂರು: ರಾಯಲ್ ಚಾಲೆಂಜರ್ಸ್ ಬೆಂಗಳೂರು ತಂಡದ (ಆರ್.ಸಿ.ಬಿ.) ತಂಡದ ವೇಗದ ಬೌಲರ್ ಯಶ್ ದಯಾಳ್ ಅವರ ವಿರುದ್ಧ ಪೋಕ್ಸೋ ಕಾಯಿದೆಯಡಿ ಪ್ರಕರಣ ದಾಖಲಾಗಿದೆ. ಉತ್ತರ ಪ್ರದೇಶದ ಯುವತಿಯೊಬ್ಬಳು ಅತ್ಯಾಚಾರ ಆರೋಪದ ಮೇಲೆ ದೂರು ದಾಖಲಿಸಿದ ಬಳಿಕ ಈಗ ಮತ್ತೊಂದು ಪ್ರಕರಣ ದಾಖಲಾಗಿದೆ.
ಅಪ್ರಾಪ್ತೆಯೊಂದಿಗೆ ಸಂಬಂಧ ಹೊಂದಿದ್ದ ಆರೋಪದಡಿ ಜೈಪುರದ ಸಂಗನೇರ್ ಪೊಲೀಸ್ ಠಾಣೆಯಲ್ಲಿ ದೂರು ದಾಖಲಾಗಿದೆ. ಕ್ರಿಕೆಟ್ ವೃತ್ತಿಜೀವನದಲ್ಲಿ ಸಹಾಯ ಮಾಡುವುದಾಗಿ ನಂಬಿಸಿ ಅಪ್ರಾಪ್ತೆಯೊಂದಿಗೆ ಸಂಬಂಧ ಬೆಳೆಸಿದ್ದ ಎಂದು ಆರೋಪಿಸಲಾಗಿದೆ. 17 ವರ್ಷದ ಬಾಲಕಿ ದೂರು ನೀಡಿದ್ದು, ಪೋಕ್ಸೋ ಕಾಯ್ದೆಯಡಿ ಪ್ರಕರಣ ದಾಖಲಿಸಲಾಗಿದೆ.
‘ಭಾರತದ ಕ್ರಿಕೆಟಿಗರ ಗಳಿಕೆ ಮೆಸ್ಸಿ,
ರೊನಾಲ್ಡೋಗಿಂತ	ಕಡಿಮೆಯೇನಲ್ಲ!’
ಮೈಕಲ್ ವಾನ್ ಅವರ 'ಕ್ಲಬ್ ಟು ಕ್ರಿಕೆಟ್' ಪಾಡ್ ಕಾಸ್ಟ್‌ನಲ್ಲಿ ಮಾತನಾಡಿದ ಅವರು, ಫುಟ್ಬಾಲ್ ತಾರೆಗಳಾದ ರೊನಾಲ್ಡೋ ಮತ್ತು ಮೆಸ್ಸಿ ಅವರಂತೆಯೇ ಭಾರತದ ಕ್ರಿಕೆಟ್ ಆಟಗಾರರೂ ಸಹ ಹೆಚ್ಚು ಸಂಪಾದಿಸುತ್ತಿದ್ದಾರೆ. ಭಾರತದಲ್ಲಿ ಕ್ರಿಕೆಟ್ ಅತ್ಯಂತ ಜನಪ್ರಿಯ ಕ್ರೀಡೆಯಾಗಿದ್ದು ಜಾಹೀರಾತು ಹಾಗೂ ಪ್ರಾಯೋಜಕತ್ವದಿಂದ ಆಟಗಾರರು ಕೋಟ್ಯಂತರ ರೂಪಾಯಿ ಗಳಿಸುತ್ತಿದ್ದಾರೆ ಎಂದು ತಿಳಿಸಿದರು.
ರವಿ ಶಾಸ್ತ್ರಿ ಹೇಳಿದ್ದೇನು?
ಭಾರತೀಯ ಕ್ರಿಕೆಟಿಗರು ಬಹಳಷ್ಟು ಹಣ ಸಂಪಾದಿಸುತ್ತಾರೆ. ವಿರಾಟ್ ಕೊಹ್ಲಿ, ಮಹೇಂದ್ರ ಸಿಂಗ್ ಧೋನಿ, ಸಚಿನ್ ತೆಂಡೂಲ್ಕರ್ ಅವರಂತಹ ಆಟಗಾರರು 100 ಕೋಟಿ ರೂಪಾಯಿಗಳಿಗೂ ಹೆಚ್ಚು ಗಳಿಸುತ್ತಾರೆ. ಪ್ರಸ್ತುತ ಭಾರತ ತಂಡದ ಕೆಲವು ಆಟಗಾರರು ಜಾಹೀರಾತುಗಳಿಂದಲೇ ವಾರ್ಷಿಕ 15 ರಿಂದ 20 ಜಾಹೀರಾತುಗಳಲ್ಲಿ ಕಾಣಿಸಿಕೊಳ್ಳುತ್ತಾರೆ ಎಂದು ಶಾಸ್ತ್ರಿ ಹೇಳಿದರು.
